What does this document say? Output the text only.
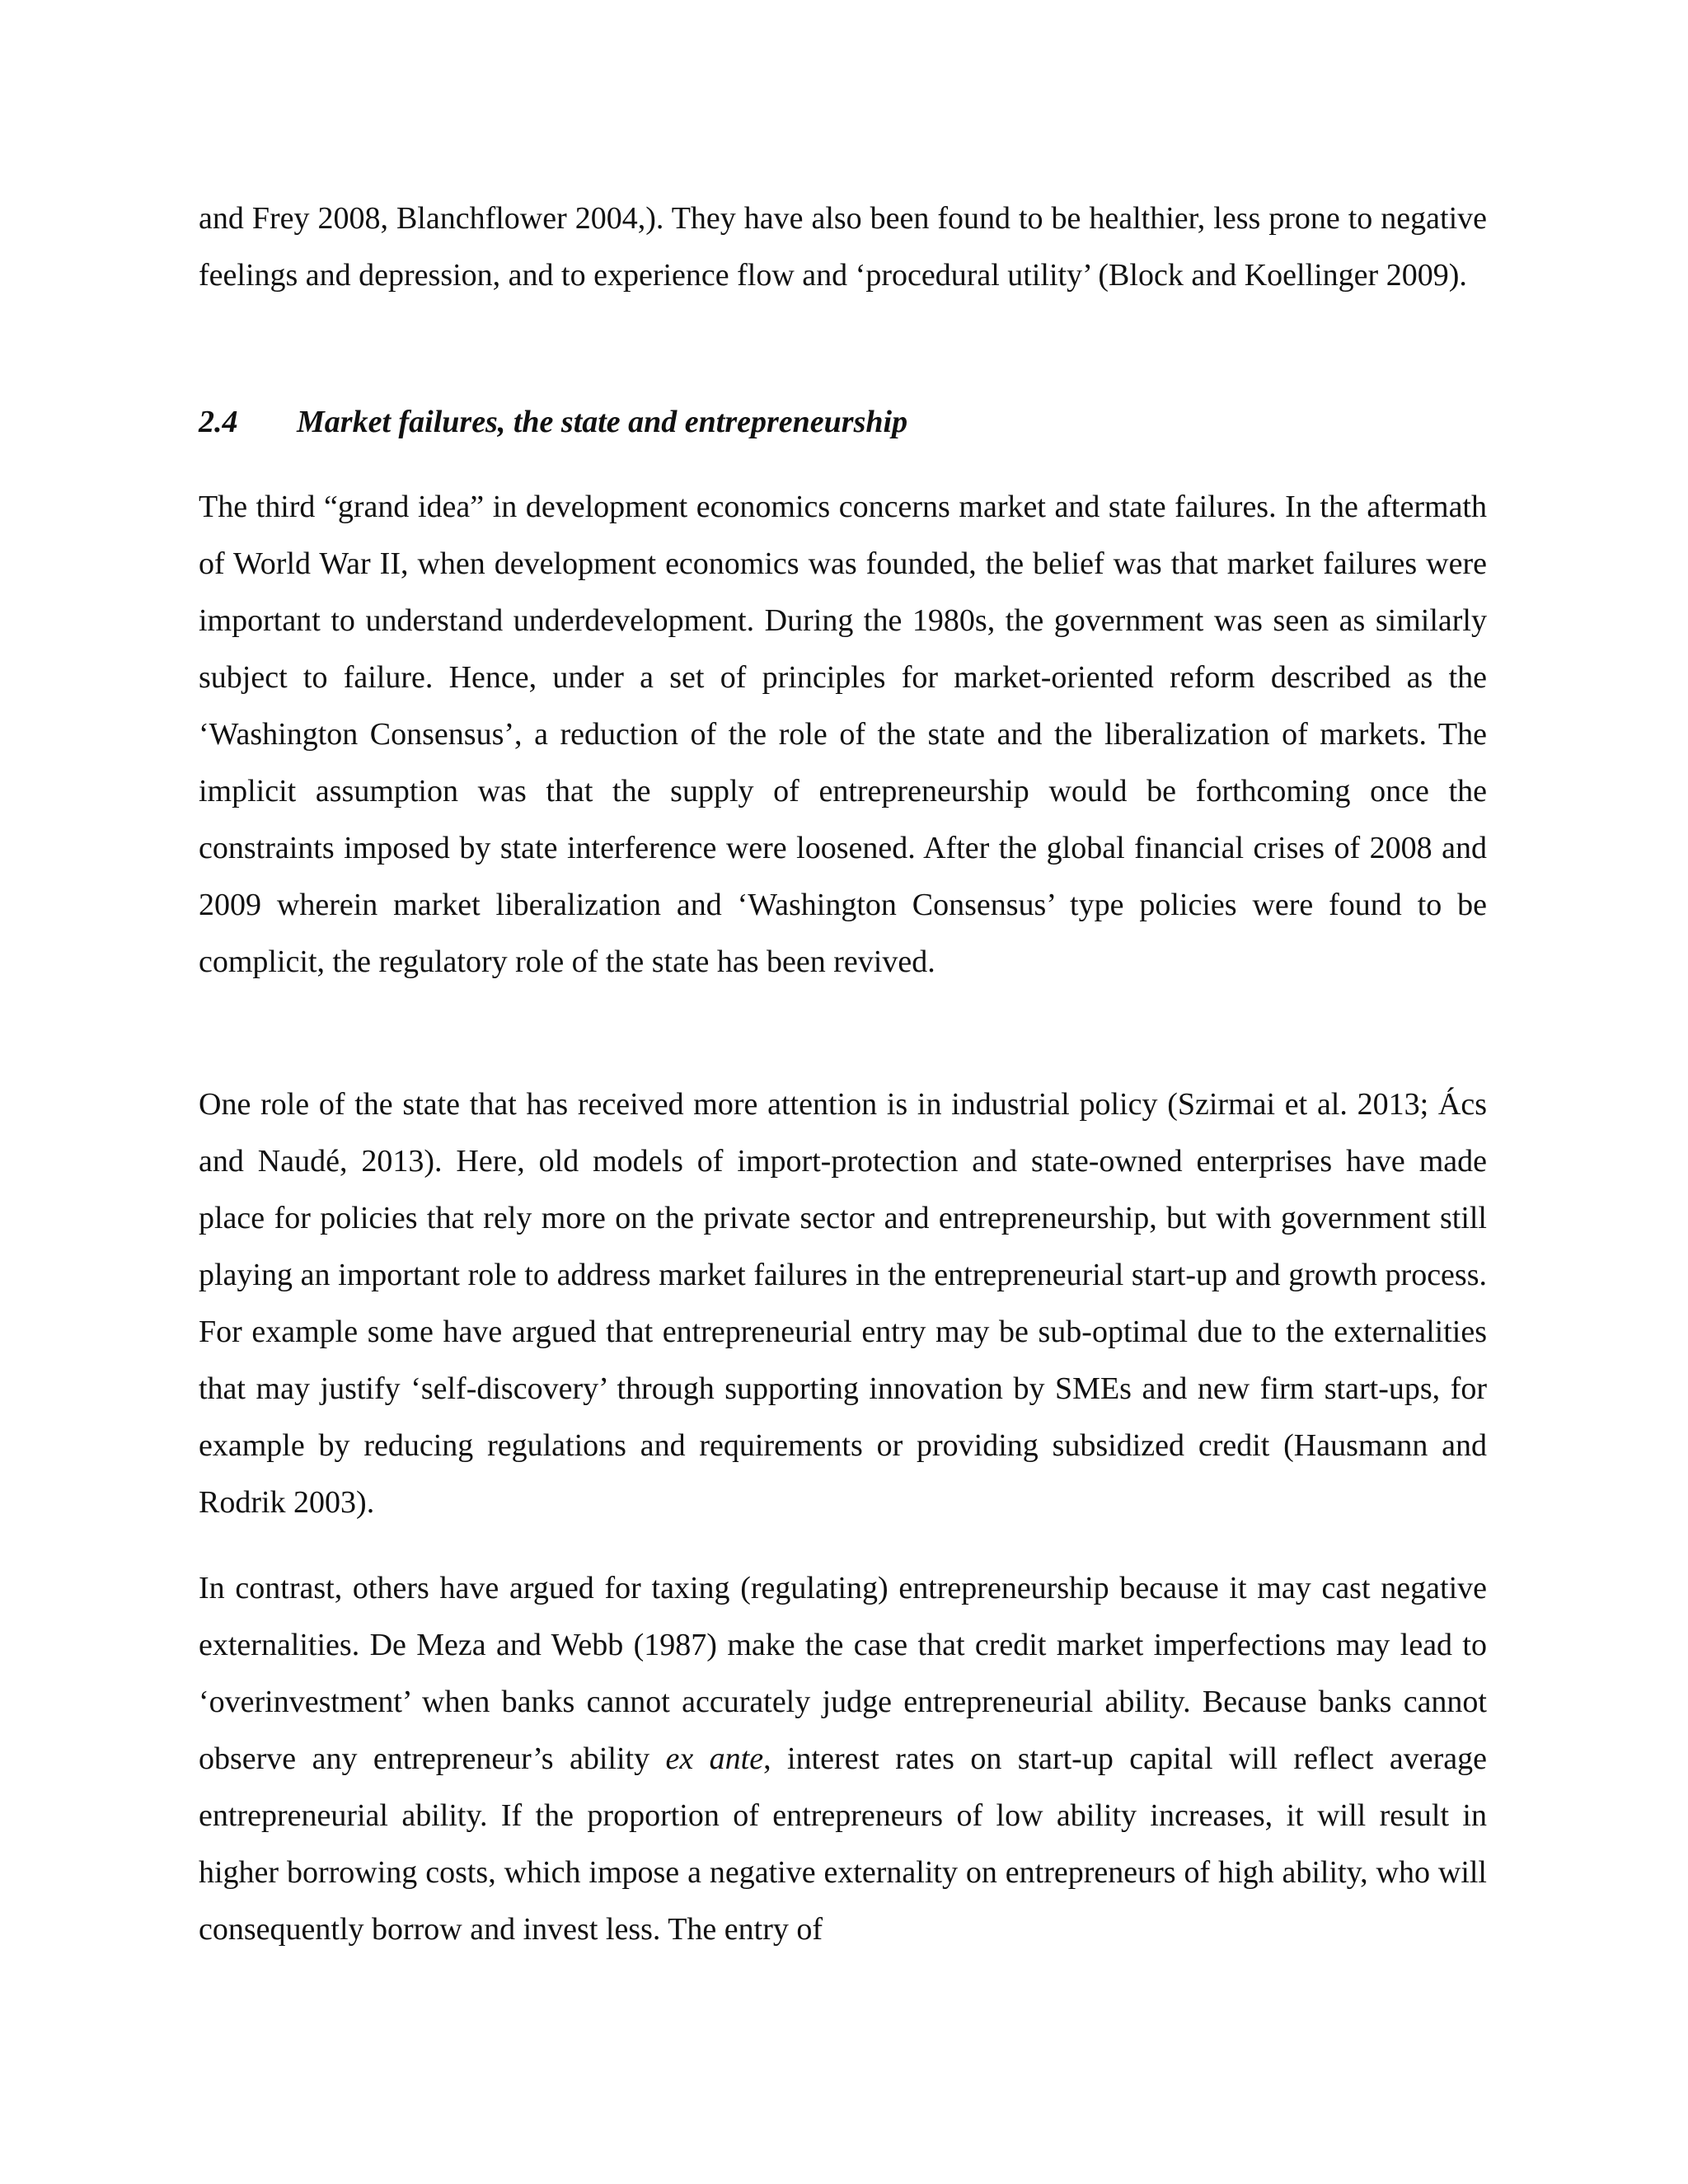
and Frey 2008, Blanchflower 2004,). They have also been found to be healthier, less prone to negative feelings and depression, and to experience flow and ‘procedural utility’ (Block and Koellinger 2009).

2.4 Market failures, the state and entrepreneurship

The third “grand idea” in development economics concerns market and state failures. In the aftermath of World War II, when development economics was founded, the belief was that market failures were important to understand underdevelopment. During the 1980s, the government was seen as similarly subject to failure. Hence, under a set of principles for market-oriented reform described as the ‘Washington Consensus’, a reduction of the role of the state and the liberalization of markets. The implicit assumption was that the supply of entrepreneurship would be forthcoming once the constraints imposed by state interference were loosened. After the global financial crises of 2008 and 2009 wherein market liberalization and ‘Washington Consensus’ type policies were found to be complicit, the regulatory role of the state has been revived.

One role of the state that has received more attention is in industrial policy (Szirmai et al. 2013; Ács and Naudé, 2013). Here, old models of import-protection and state-owned enterprises have made place for policies that rely more on the private sector and entrepreneurship, but with government still playing an important role to address market failures in the entrepreneurial start-up and growth process. For example some have argued that entrepreneurial entry may be sub-optimal due to the externalities that may justify ‘self-discovery’ through supporting innovation by SMEs and new firm start-ups, for example by reducing regulations and requirements or providing subsidized credit (Hausmann and Rodrik 2003).

In contrast, others have argued for taxing (regulating) entrepreneurship because it may cast negative externalities. De Meza and Webb (1987) make the case that credit market imperfections may lead to ‘overinvestment’ when banks cannot accurately judge entrepreneurial ability. Because banks cannot observe any entrepreneur’s ability ex ante, interest rates on start-up capital will reflect average entrepreneurial ability. If the proportion of entrepreneurs of low ability increases, it will result in higher borrowing costs, which impose a negative externality on entrepreneurs of high ability, who will consequently borrow and invest less. The entry of
